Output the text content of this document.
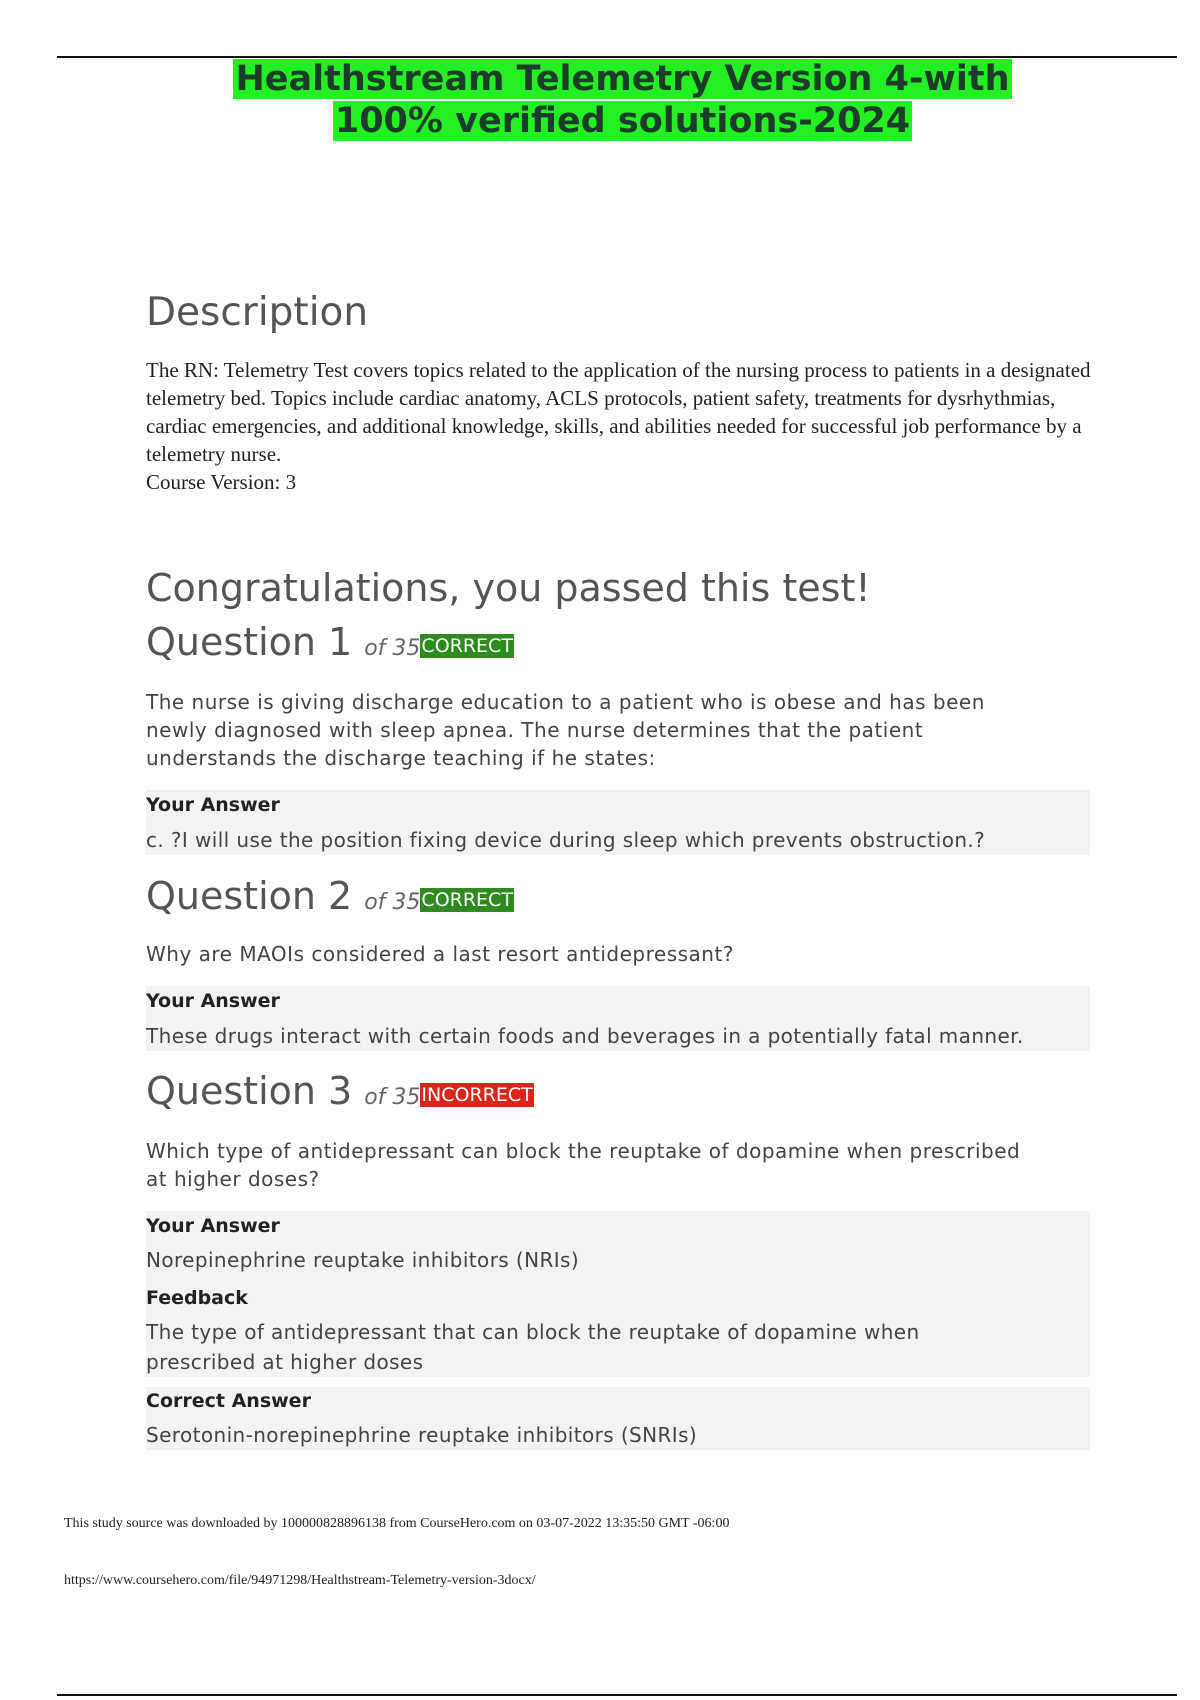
Healthstream Telemetry Version 4-with
100% verified solutions-2024
Description
The RN: Telemetry Test covers topics related to the application of the nursing process to patients in a designated telemetry bed. Topics include cardiac anatomy, ACLS protocols, patient safety, treatments for dysrhythmias, cardiac emergencies, and additional knowledge, skills, and abilities needed for successful job performance by a telemetry nurse.
Course Version: 3
Congratulations, you passed this test!
Question 1 of 35CORRECT
The nurse is giving discharge education to a patient who is obese and has been newly diagnosed with sleep apnea. The nurse determines that the patient understands the discharge teaching if he states:
Your Answer
c. ?I will use the position fixing device during sleep which prevents obstruction.?
Question 2 of 35CORRECT
Why are MAOIs considered a last resort antidepressant?
Your Answer
These drugs interact with certain foods and beverages in a potentially fatal manner.
Question 3 of 35INCORRECT
Which type of antidepressant can block the reuptake of dopamine when prescribed at higher doses?
Your Answer
Norepinephrine reuptake inhibitors (NRIs)
Feedback
The type of antidepressant that can block the reuptake of dopamine when prescribed at higher doses
Correct Answer
Serotonin-norepinephrine reuptake inhibitors (SNRIs)
This study source was downloaded by 100000828896138 from CourseHero.com on 03-07-2022 13:35:50 GMT -06:00
https://www.coursehero.com/file/94971298/Healthstream-Telemetry-version-3docx/
